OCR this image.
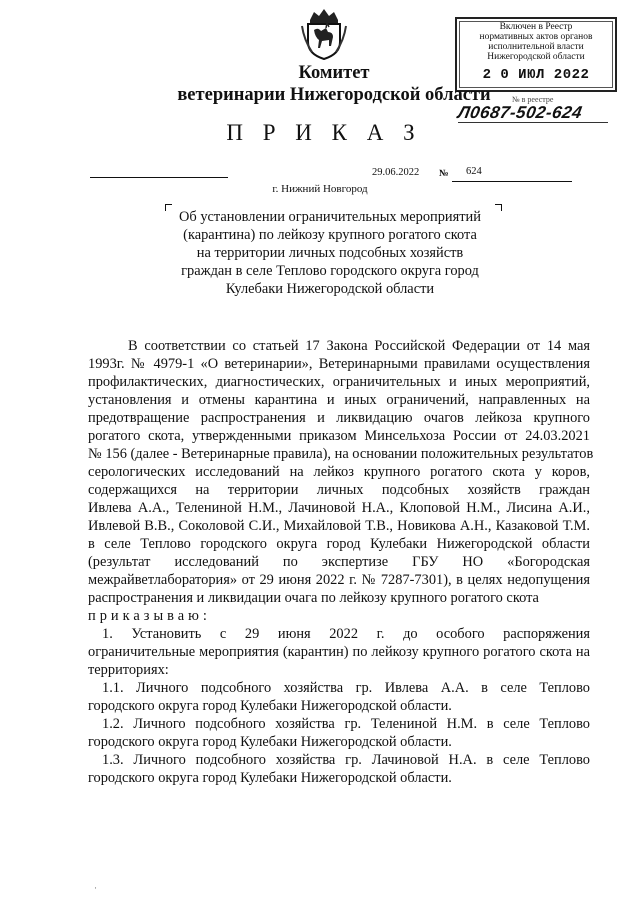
Включен в Реестр
нормативных актов органов
исполнительной власти
Нижегородской области
2 0 ИЮЛ 2022
№ в реестре
Л0687-502-624
Комитет
ветеринарии Нижегородской области
П Р И К А З
29.06.2022 № 624
г. Нижний Новгород
Об установлении ограничительных мероприятий
(карантина) по лейкозу крупного рогатого скота
на территории личных подсобных хозяйств
граждан в селе Теплово городского округа город
Кулебаки Нижегородской области
В соответствии со статьей 17 Закона Российской Федерации от 14 мая
1993г. № 4979-1 «О ветеринарии», Ветеринарными правилами осуществления
профилактических, диагностических, ограничительных и иных мероприятий,
установления и отмены карантина и иных ограничений, направленных на
предотвращение распространения и ликвидацию очагов лейкоза крупного
рогатого скота, утвержденными приказом Минсельхоза России от 24.03.2021
№ 156 (далее - Ветеринарные правила), на основании положительных результатов
серологических исследований на лейкоз крупного рогатого скота у коров,
содержащихся на территории личных подсобных хозяйств граждан
Ивлева А.А., Телениной Н.М., Лачиновой Н.А., Клоповой Н.М., Лисина А.И.,
Ивлевой В.В., Соколовой С.И., Михайловой Т.В., Новикова А.Н., Казаковой Т.М.
в селе Теплово городского округа город Кулебаки Нижегородской области
(результат исследований по экспертизе ГБУ НО «Богородская
межрайветлаборатория» от 29 июня 2022 г. № 7287-7301), в целях недопущения
распространения и ликвидации очага по лейкозу крупного рогатого скота
приказываю:
1. Установить с 29 июня 2022 г. до особого распоряжения
ограничительные мероприятия (карантин) по лейкозу крупного рогатого скота на
территориях:
1.1. Личного подсобного хозяйства гр. Ивлева А.А. в селе Теплово
городского округа город Кулебаки Нижегородской области.
1.2. Личного подсобного хозяйства гр. Телениной Н.М. в селе Теплово
городского округа город Кулебаки Нижегородской области.
1.3. Личного подсобного хозяйства гр. Лачиновой Н.А. в селе Теплово
городского округа город Кулебаки Нижегородской области.
·
